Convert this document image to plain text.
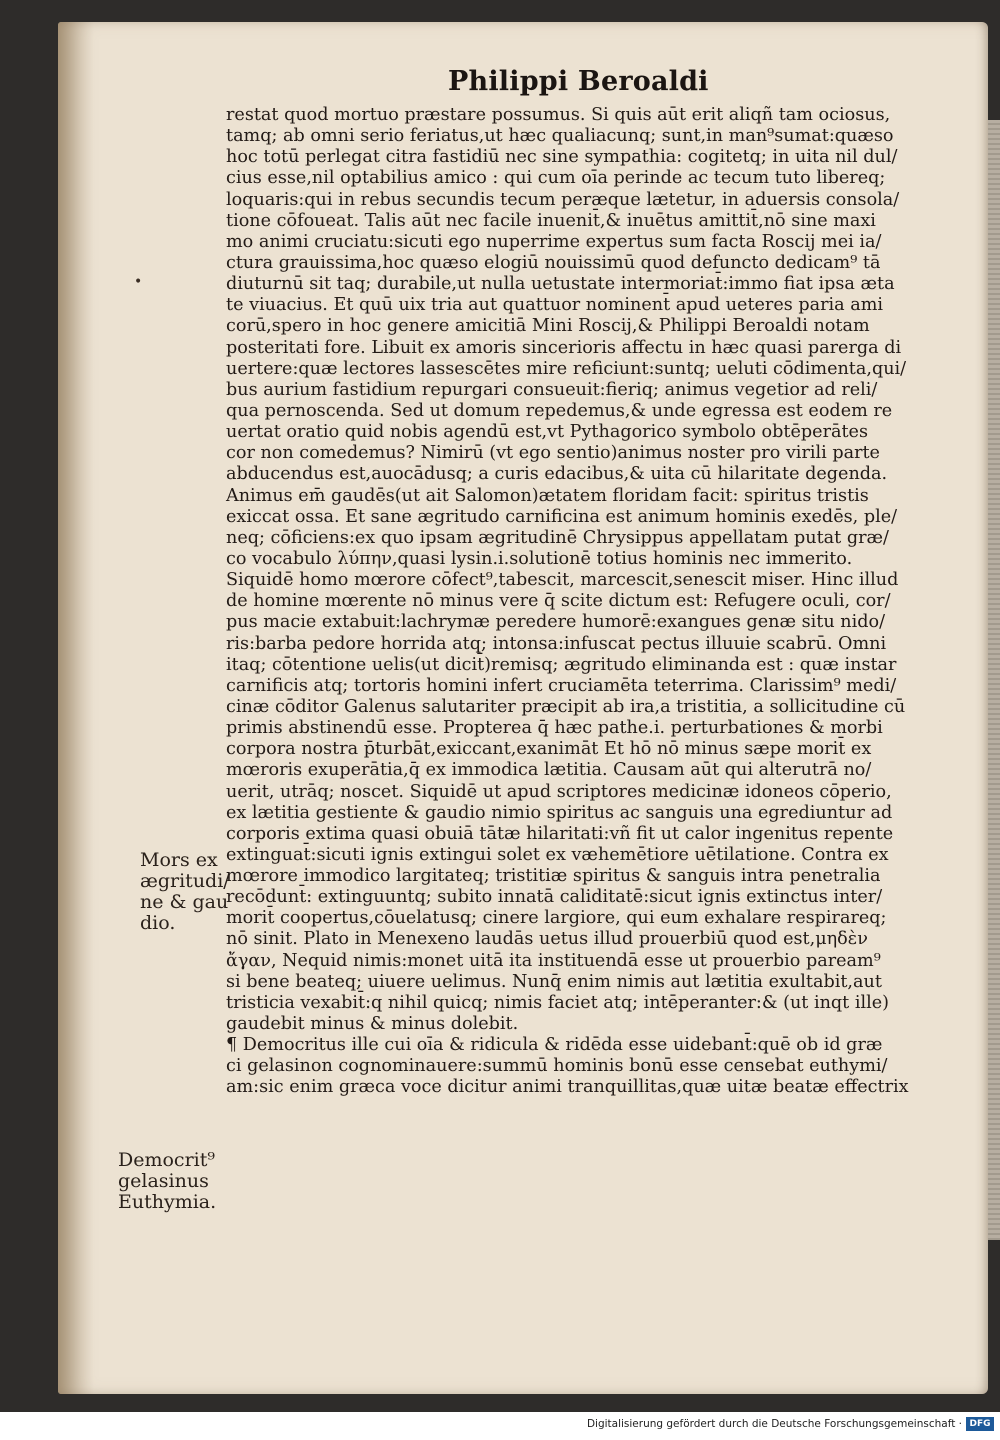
Philippi Beroaldi
•
restat quod mortuo præstare possumus. Si quis aūt erit aliqñ tam ociosus,
tamq; ab omni serio feriatus,ut hæc qualiacunq; sunt,in man⁹sumat:quæso
hoc totū perlegat citra fastidiū nec sine sympathia: cogitetq; in uita nil dul/
cius esse,nil optabilius amico : qui cum oīa perinde ac tecum tuto libereq;
loquaris:qui in rebus secundis tecum peræque lætetur, in aduersis consola/
tione cōfoueat. Talis aūt nec facile inuenit̄,& inuētus amittit̄,nō sine maxi
mo animi cruciatu:sicuti ego nuperrime expertus sum facta Roscij mei ia/
ctura grauissima,hoc quæso elogiū nouissimū quod defuncto dedicam⁹ tā
diuturnū sit taq; durabile,ut nulla uetustate intermoriat̄:immo fiat ipsa æta
te viuacius. Et quū uix tria aut quattuor nominent̄ apud ueteres paria ami
corū,spero in hoc genere amicitiā Mini Roscij,& Philippi Beroaldi notam
posteritati fore. Libuit ex amoris sincerioris affectu in hæc quasi parerga di
uertere:quæ lectores lassescētes mire reficiunt:suntq; ueluti cōdimenta,qui/
bus aurium fastidium repurgari consueuit:fieriq; animus vegetior ad reli/
qua pernoscenda. Sed ut domum repedemus,& unde egressa est eodem re
uertat oratio quid nobis agendū est,vt Pythagorico symbolo obtēperātes
cor non comedemus? Nimirū (vt ego sentio)animus noster pro virili parte
abducendus est,auocādusq; a curis edacibus,& uita cū hilaritate degenda.
Animus em̄ gaudēs(ut ait Salomon)ætatem floridam facit: spiritus tristis
exiccat ossa. Et sane ægritudo carnificina est animum hominis exedēs, ple/
neq; cōficiens:ex quo ipsam ægritudinē Chrysippus appellatam putat græ/
co vocabulo λύπην,quasi lysin.i.solutionē totius hominis nec immerito.
Siquidē homo mœrore cōfect⁹,tabescit, marcescit,senescit miser. Hinc illud
de homine mœrente nō minus vere q̄ scite dictum est: Refugere oculi, cor/
pus macie extabuit:lachrymæ peredere humorē:exangues genæ situ nido/
ris:barba pedore horrida atq; intonsa:infuscat pectus illuuie scabrū. Omni
itaq; cōtentione uelis(ut dicit̄)remisq; ægritudo eliminanda est : quæ instar
carnificis atq; tortoris homini infert cruciamēta teterrima. Clarissim⁹ medi/
cinæ cōditor Galenus salutariter præcipit ab ira,a tristitia, a sollicitudine cū
primis abstinendū esse. Propterea q̄ hæc pathe.i. perturbationes & morbi
corpora nostra p̄turbāt,exiccant,exanimāt Et hō nō minus sæpe morit̄ ex
mœroris exuperātia,q̄ ex immodica lætitia. Causam aūt qui alterutrā no/
uerit, utrāq; noscet. Siquidē ut apud scriptores medicinæ idoneos cōperio,
ex lætitia gestiente & gaudio nimio spiritus ac sanguis una egrediuntur ad
corporis extima quasi obuiā tātæ hilaritati:vñ fit ut calor ingenitus repente
extinguat̄:sicuti ignis extingui solet ex væhemētiore uētilatione. Contra ex
mœrore immodico largitateq; tristitiæ spiritus & sanguis intra penetralia
recōdunt̄: extinguuntq; subito innatā caliditatē:sicut ignis extinctus inter/
morit̄ coopertus,cōuelatusq; cinere largiore, qui eum exhalare respirareq;
nō sinit. Plato in Menexeno laudās uetus illud prouerbiū quod est,μηδὲν
ἄγαν, Nequid nimis:monet uitā ita instituendā esse ut prouerbio paream⁹
si bene beateq; uiuere uelimus. Nunq̄ enim nimis aut lætitia exultabit,aut
tristicia vexabit̄:q nihil quicq; nimis faciet atq; intēperanter:& (ut inqt ille)
gaudebit minus & minus dolebit.
¶ Democritus ille cui oīa & ridicula & ridēda esse uidebant̄:quē ob id græ
ci gelasinon cognominauere:summū hominis bonū esse censebat euthymi/
am:sic enim græca voce dicitur animi tranquillitas,quæ uitæ beatæ effectrix
Mors ex
ægritudi/
ne & gau
dio.
Democrit⁹
gelasinus
Euthymia.
Digitalisierung gefördert durch die Deutsche Forschungsgemeinschaft · DFG
